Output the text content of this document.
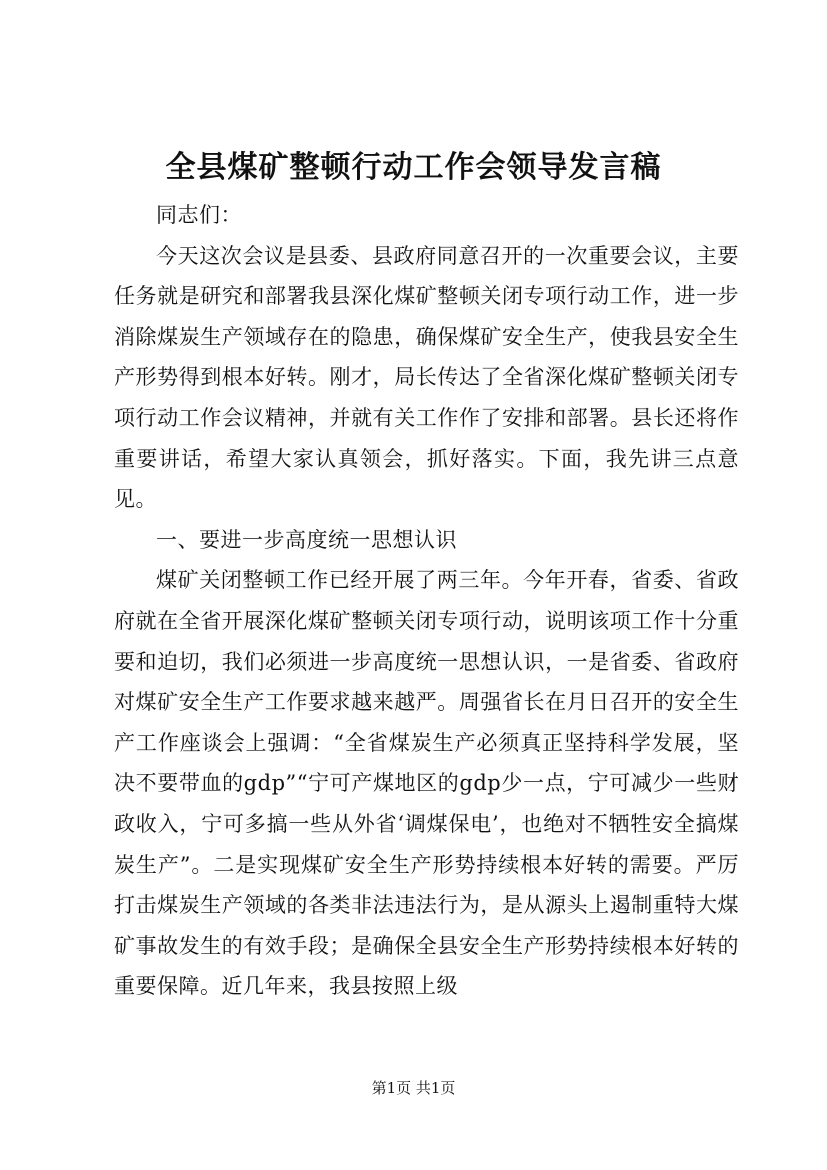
全县煤矿整顿行动工作会领导发言稿

同志们：

今天这次会议是县委、县政府同意召开的一次重要会议，主要任务就是研究和部署我县深化煤矿整顿关闭专项行动工作，进一步消除煤炭生产领域存在的隐患，确保煤矿安全生产，使我县安全生产形势得到根本好转。刚才，局长传达了全省深化煤矿整顿关闭专项行动工作会议精神，并就有关工作作了安排和部署。县长还将作重要讲话，希望大家认真领会，抓好落实。下面，我先讲三点意见。

一、要进一步高度统一思想认识

煤矿关闭整顿工作已经开展了两三年。今年开春，省委、省政府就在全省开展深化煤矿整顿关闭专项行动，说明该项工作十分重要和迫切，我们必须进一步高度统一思想认识，一是省委、省政府对煤矿安全生产工作要求越来越严。周强省长在月日召开的安全生产工作座谈会上强调：“全省煤炭生产必须真正坚持科学发展，坚决不要带血的gdp”“宁可产煤地区的gdp少一点，宁可减少一些财政收入，宁可多搞一些从外省‘调煤保电’，也绝对不牺牲安全搞煤炭生产”。二是实现煤矿安全生产形势持续根本好转的需要。严厉打击煤炭生产领域的各类非法违法行为，是从源头上遏制重特大煤矿事故发生的有效手段；是确保全县安全生产形势持续根本好转的重要保障。近几年来，我县按照上级

第1页 共1页
